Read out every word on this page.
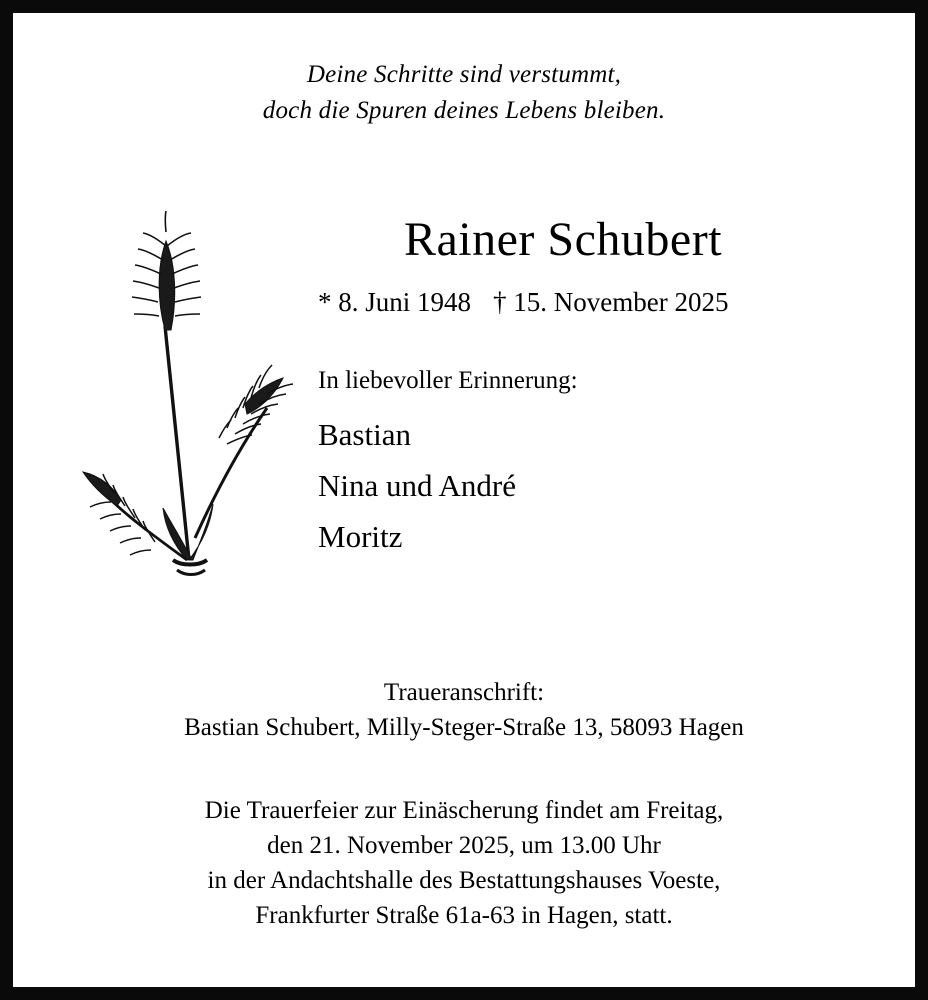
Deine Schritte sind verstummt,
doch die Spuren deines Lebens bleiben.
Rainer Schubert
* 8. Juni 1948 † 15. November 2025
In liebevoller Erinnerung:
Bastian
Nina und André
Moritz
Traueranschrift:
Bastian Schubert, Milly-Steger-Straße 13, 58093 Hagen
Die Trauerfeier zur Einäscherung findet am Freitag,
den 21. November 2025, um 13.00 Uhr
in der Andachtshalle des Bestattungshauses Voeste,
Frankfurter Straße 61a-63 in Hagen, statt.
